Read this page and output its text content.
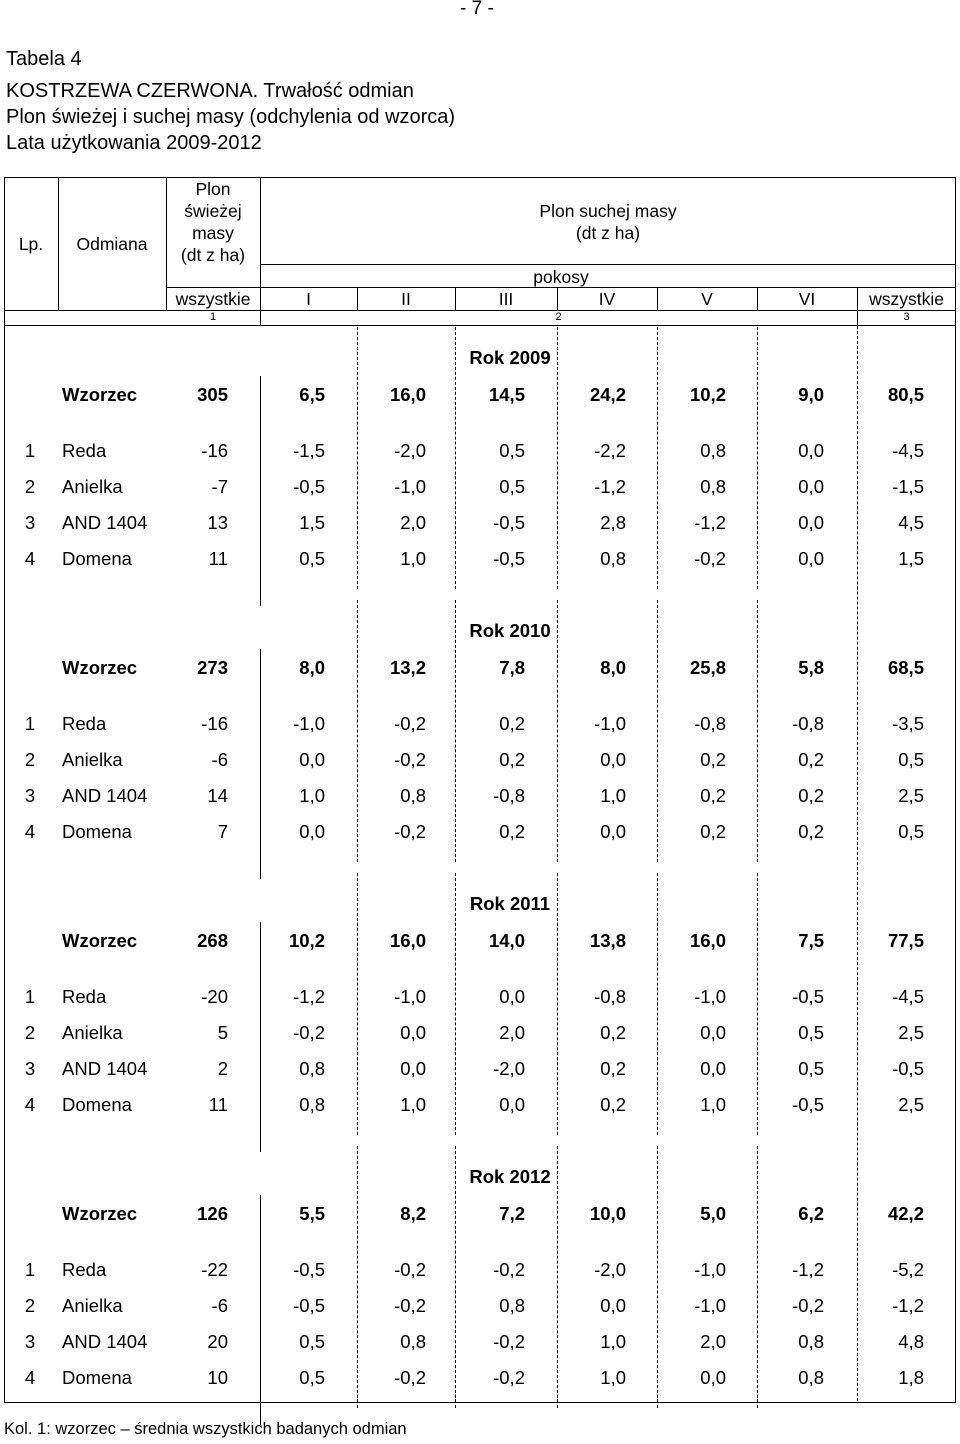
- 7 -
Tabela 4
KOSTRZEWA CZERWONA. Trwałość odmian
Plon świeżej i suchej masy (odchylenia od wzorca)
Lata użytkowania 2009-2012
Lp.	Odmiana
Plon
świeżej
masy
(dt z ha)
Plon suchej masy
(dt z ha)
pokosy
wszystkie	I	II	III	IV	V	VI	wszystkie
1	2	3
Rok 2009
Wzorzec	305	6,5	16,0	14,5	24,2	10,2	9,0	80,5
1	Reda	-16	-1,5	-2,0	0,5	-2,2	0,8	0,0	-4,5
2	Anielka	-7	-0,5	-1,0	0,5	-1,2	0,8	0,0	-1,5
3	AND 1404	13	1,5	2,0	-0,5	2,8	-1,2	0,0	4,5
4	Domena	11	0,5	1,0	-0,5	0,8	-0,2	0,0	1,5
Rok 2010
Wzorzec	273	8,0	13,2	7,8	8,0	25,8	5,8	68,5
1	Reda	-16	-1,0	-0,2	0,2	-1,0	-0,8	-0,8	-3,5
2	Anielka	-6	0,0	-0,2	0,2	0,0	0,2	0,2	0,5
3	AND 1404	14	1,0	0,8	-0,8	1,0	0,2	0,2	2,5
4	Domena	7	0,0	-0,2	0,2	0,0	0,2	0,2	0,5
Rok 2011
Wzorzec	268	10,2	16,0	14,0	13,8	16,0	7,5	77,5
1	Reda	-20	-1,2	-1,0	0,0	-0,8	-1,0	-0,5	-4,5
2	Anielka	5	-0,2	0,0	2,0	0,2	0,0	0,5	2,5
3	AND 1404	2	0,8	0,0	-2,0	0,2	0,0	0,5	-0,5
4	Domena	11	0,8	1,0	0,0	0,2	1,0	-0,5	2,5
Rok 2012
Wzorzec	126	5,5	8,2	7,2	10,0	5,0	6,2	42,2
1	Reda	-22	-0,5	-0,2	-0,2	-2,0	-1,0	-1,2	-5,2
2	Anielka	-6	-0,5	-0,2	0,8	0,0	-1,0	-0,2	-1,2
3	AND 1404	20	0,5	0,8	-0,2	1,0	2,0	0,8	4,8
4	Domena	10	0,5	-0,2	-0,2	1,0	0,0	0,8	1,8
Kol. 1: wzorzec – średnia wszystkich badanych odmian
